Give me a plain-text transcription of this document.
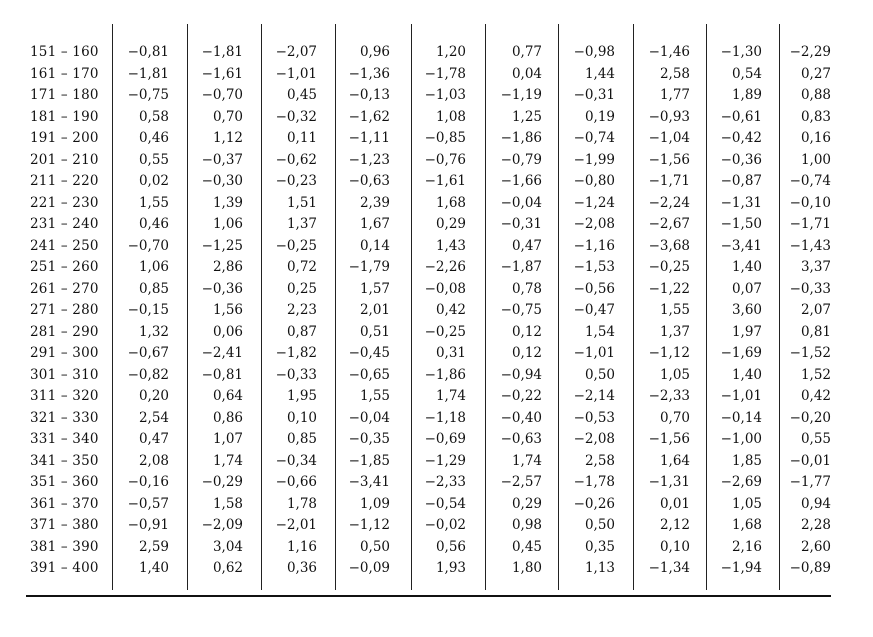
151 – 160	−0,81	−1,81	−2,07	0,96	1,20	0,77	−0,98	−1,46	−1,30	−2,29
161 – 170	−1,81	−1,61	−1,01	−1,36	−1,78	0,04	1,44	2,58	0,54	0,27
171 – 180	−0,75	−0,70	0,45	−0,13	−1,03	−1,19	−0,31	1,77	1,89	0,88
181 – 190	0,58	0,70	−0,32	−1,62	1,08	1,25	0,19	−0,93	−0,61	0,83
191 – 200	0,46	1,12	0,11	−1,11	−0,85	−1,86	−0,74	−1,04	−0,42	0,16
201 – 210	0,55	−0,37	−0,62	−1,23	−0,76	−0,79	−1,99	−1,56	−0,36	1,00
211 – 220	0,02	−0,30	−0,23	−0,63	−1,61	−1,66	−0,80	−1,71	−0,87	−0,74
221 – 230	1,55	1,39	1,51	2,39	1,68	−0,04	−1,24	−2,24	−1,31	−0,10
231 – 240	0,46	1,06	1,37	1,67	0,29	−0,31	−2,08	−2,67	−1,50	−1,71
241 – 250	−0,70	−1,25	−0,25	0,14	1,43	0,47	−1,16	−3,68	−3,41	−1,43
251 – 260	1,06	2,86	0,72	−1,79	−2,26	−1,87	−1,53	−0,25	1,40	3,37
261 – 270	0,85	−0,36	0,25	1,57	−0,08	0,78	−0,56	−1,22	0,07	−0,33
271 – 280	−0,15	1,56	2,23	2,01	0,42	−0,75	−0,47	1,55	3,60	2,07
281 – 290	1,32	0,06	0,87	0,51	−0,25	0,12	1,54	1,37	1,97	0,81
291 – 300	−0,67	−2,41	−1,82	−0,45	0,31	0,12	−1,01	−1,12	−1,69	−1,52
301 – 310	−0,82	−0,81	−0,33	−0,65	−1,86	−0,94	0,50	1,05	1,40	1,52
311 – 320	0,20	0,64	1,95	1,55	1,74	−0,22	−2,14	−2,33	−1,01	0,42
321 – 330	2,54	0,86	0,10	−0,04	−1,18	−0,40	−0,53	0,70	−0,14	−0,20
331 – 340	0,47	1,07	0,85	−0,35	−0,69	−0,63	−2,08	−1,56	−1,00	0,55
341 – 350	2,08	1,74	−0,34	−1,85	−1,29	1,74	2,58	1,64	1,85	−0,01
351 – 360	−0,16	−0,29	−0,66	−3,41	−2,33	−2,57	−1,78	−1,31	−2,69	−1,77
361 – 370	−0,57	1,58	1,78	1,09	−0,54	0,29	−0,26	0,01	1,05	0,94
371 – 380	−0,91	−2,09	−2,01	−1,12	−0,02	0,98	0,50	2,12	1,68	2,28
381 – 390	2,59	3,04	1,16	0,50	0,56	0,45	0,35	0,10	2,16	2,60
391 – 400	1,40	0,62	0,36	−0,09	1,93	1,80	1,13	−1,34	−1,94	−0,89
